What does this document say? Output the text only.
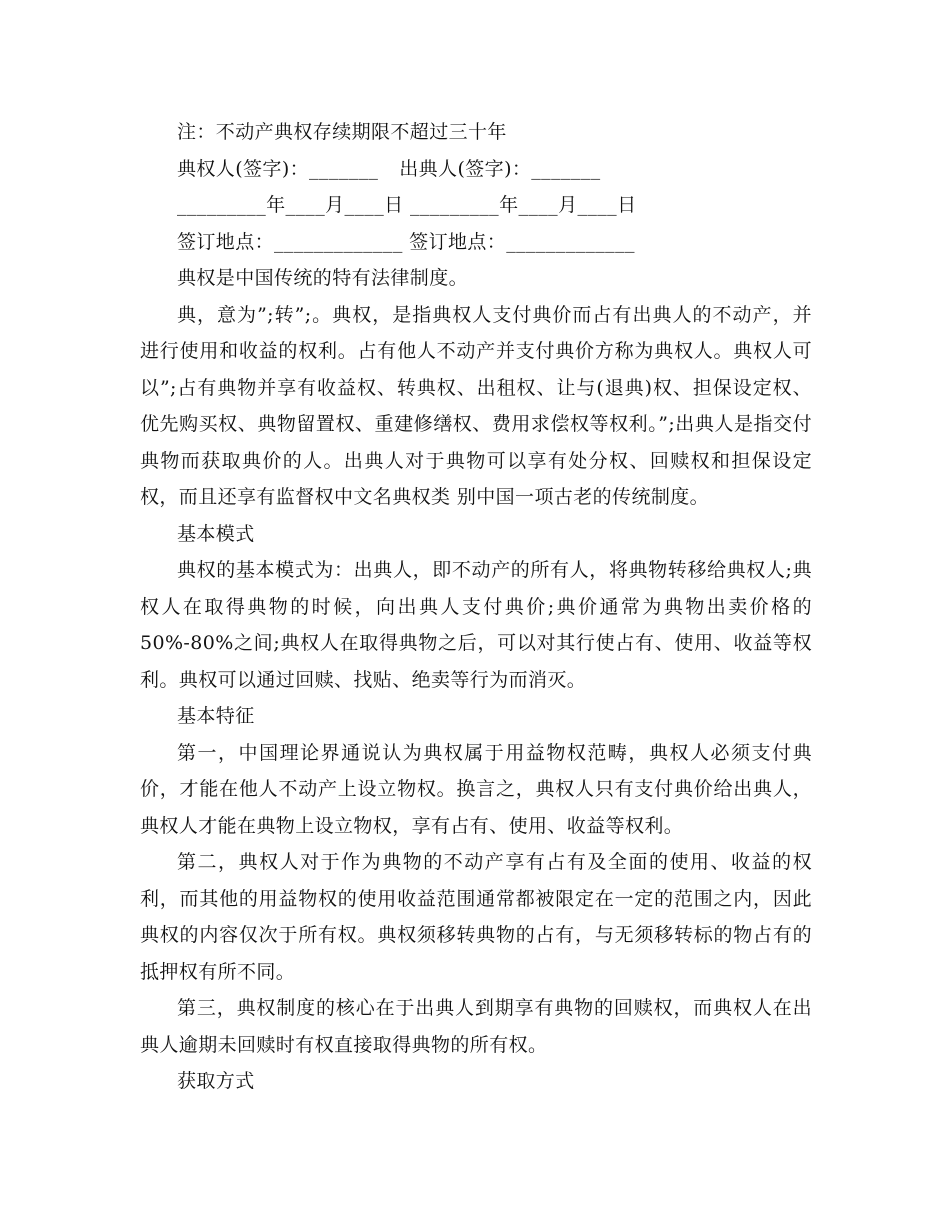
注：不动产典权存续期限不超过三十年
典权人(签字)：_______ 出典人(签字)：_______
_________年____月____日 _________年____月____日
签订地点：_____________ 签订地点：_____________
典权是中国传统的特有法律制度。

典，意为”;转”;。典权，是指典权人支付典价而占有出典人的不动产，并进行使用和收益的权利。占有他人不动产并支付典价方称为典权人。典权人可以”;占有典物并享有收益权、转典权、出租权、让与(退典)权、担保设定权、优先购买权、典物留置权、重建修缮权、费用求偿权等权利。”;出典人是指交付典物而获取典价的人。出典人对于典物可以享有处分权、回赎权和担保设定权，而且还享有监督权中文名典权类 别中国一项古老的传统制度。

基本模式

典权的基本模式为：出典人，即不动产的所有人，将典物转移给典权人;典权人在取得典物的时候，向出典人支付典价;典价通常为典物出卖价格的 50%-80%之间;典权人在取得典物之后，可以对其行使占有、使用、收益等权利。典权可以通过回赎、找贴、绝卖等行为而消灭。

基本特征

第一，中国理论界通说认为典权属于用益物权范畴，典权人必须支付典价，才能在他人不动产上设立物权。换言之，典权人只有支付典价给出典人，典权人才能在典物上设立物权，享有占有、使用、收益等权利。

第二，典权人对于作为典物的不动产享有占有及全面的使用、收益的权利，而其他的用益物权的使用收益范围通常都被限定在一定的范围之内，因此典权的内容仅次于所有权。典权须移转典物的占有，与无须移转标的物占有的抵押权有所不同。

第三，典权制度的核心在于出典人到期享有典物的回赎权，而典权人在出典人逾期未回赎时有权直接取得典物的所有权。

获取方式
